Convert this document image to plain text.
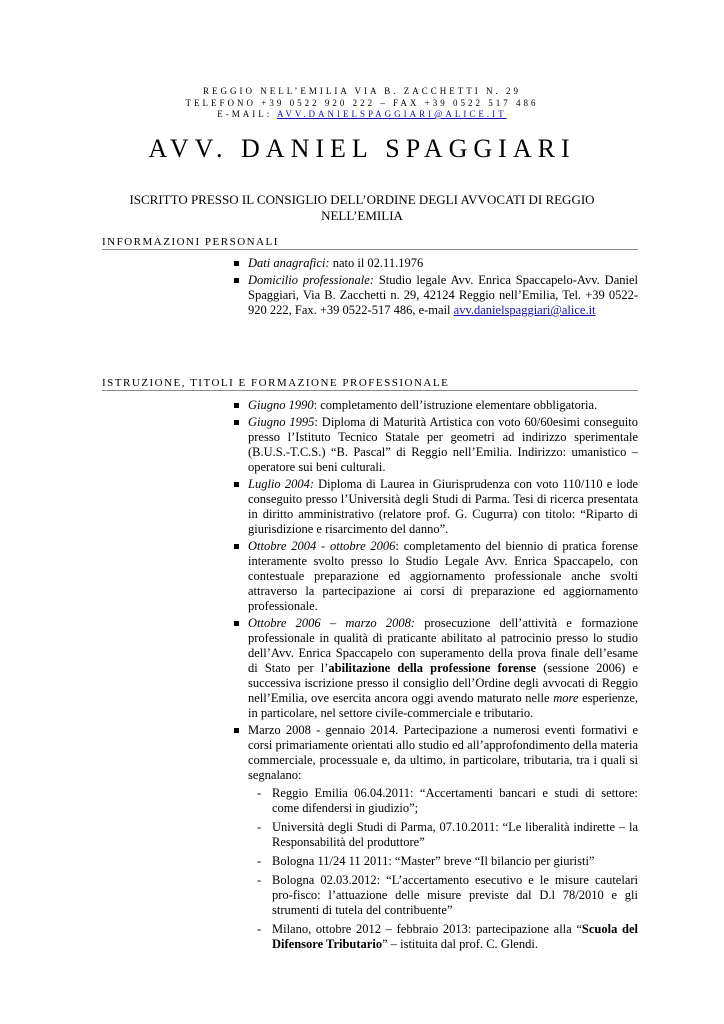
REGGIO NELL’EMILIA VIA B. ZACCHETTI N. 29
TELEFONO +39 0522 920 222 – FAX +39 0522 517 486
E-MAIL: AVV.DANIELSPAGGIARI@ALICE.IT
AVV. DANIEL SPAGGIARI
ISCRITTO PRESSO IL CONSIGLIO DELL’ORDINE DEGLI AVVOCATI DI REGGIO NELL’EMILIA
INFORMAZIONI PERSONALI
Dati anagrafici: nato il 02.11.1976
Domicilio professionale: Studio legale Avv. Enrica Spaccapelo-Avv. Daniel Spaggiari, Via B. Zacchetti n. 29, 42124 Reggio nell’Emilia, Tel. +39 0522-920 222, Fax. +39 0522-517 486, e-mail avv.danielspaggiari@alice.it
ISTRUZIONE, TITOLI E FORMAZIONE PROFESSIONALE
Giugno 1990: completamento dell’istruzione elementare obbligatoria.
Giugno 1995: Diploma di Maturità Artistica con voto 60/60esimi conseguito presso l’Istituto Tecnico Statale per geometri ad indirizzo sperimentale (B.U.S.-T.C.S.) “B. Pascal” di Reggio nell’Emilia. Indirizzo: umanistico – operatore sui beni culturali.
Luglio 2004: Diploma di Laurea in Giurisprudenza con voto 110/110 e lode conseguito presso l’Università degli Studi di Parma. Tesi di ricerca presentata in diritto amministrativo (relatore prof. G. Cugurra) con titolo: “Riparto di giurisdizione e risarcimento del danno”.
Ottobre 2004 - ottobre 2006: completamento del biennio di pratica forense interamente svolto presso lo Studio Legale Avv. Enrica Spaccapelo, con contestuale preparazione ed aggiornamento professionale anche svolti attraverso la partecipazione ai corsi di preparazione ed aggiornamento professionale.
Ottobre 2006 – marzo 2008: prosecuzione dell’attività e formazione professionale in qualità di praticante abilitato al patrocinio presso lo studio dell’Avv. Enrica Spaccapelo con superamento della prova finale dell’esame di Stato per l’abilitazione della professione forense (sessione 2006) e successiva iscrizione presso il consiglio dell’Ordine degli avvocati di Reggio nell’Emilia, ove esercita ancora oggi avendo maturato nelle more esperienze, in particolare, nel settore civile-commerciale e tributario.
Marzo 2008 - gennaio 2014. Partecipazione a numerosi eventi formativi e corsi primariamente orientati allo studio ed all’approfondimento della materia commerciale, processuale e, da ultimo, in particolare, tributaria, tra i quali si segnalano:
- Reggio Emilia 06.04.2011: “Accertamenti bancari e studi di settore: come difendersi in giudizio”;
- Università degli Studi di Parma, 07.10.2011: “Le liberalità indirette – la Responsabilità del produttore”
- Bologna 11/24 11 2011: “Master” breve “Il bilancio per giuristi”
- Bologna 02.03.2012: “L’accertamento esecutivo e le misure cautelari pro-fisco: l’attuazione delle misure previste dal D.l 78/2010 e gli strumenti di tutela del contribuente”
- Milano, ottobre 2012 – febbraio 2013: partecipazione alla “Scuola del Difensore Tributario” – istituita dal prof. C. Glendi.
